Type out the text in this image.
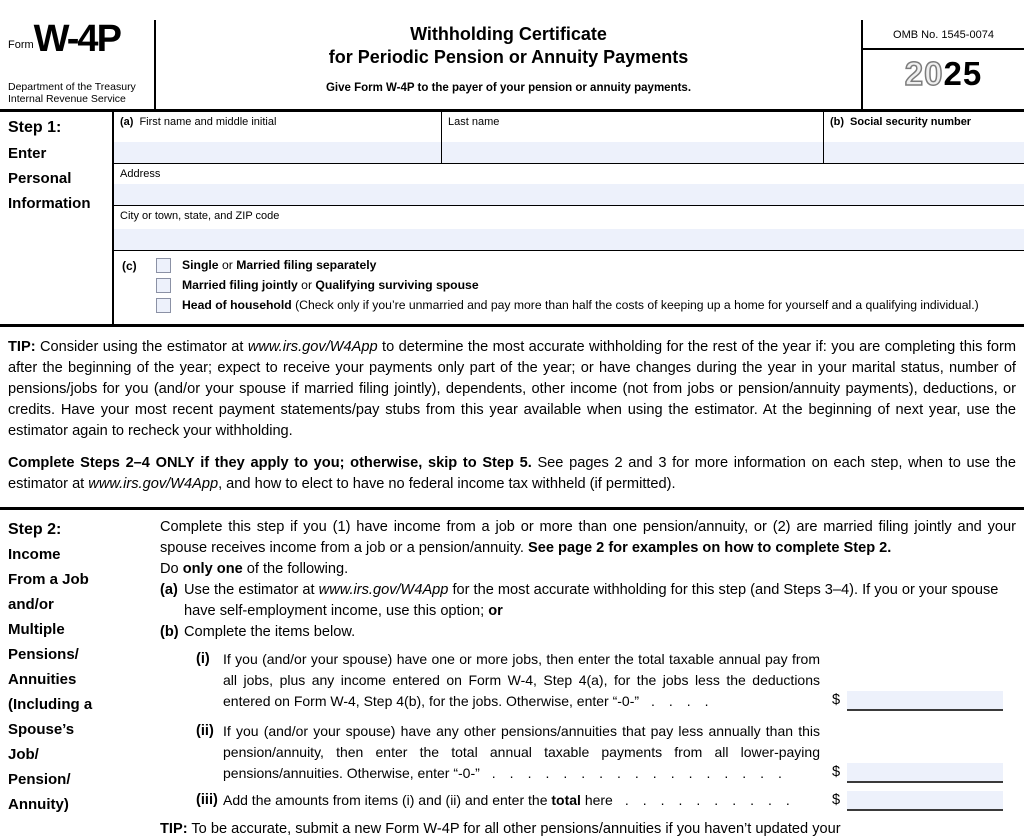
Form W-4P
Department of the Treasury
Internal Revenue Service
Withholding Certificate
for Periodic Pension or Annuity Payments
Give Form W-4P to the payer of your pension or annuity payments.
OMB No. 1545-0074
2025
Step 1:
Enter
Personal
Information
(a) First name and middle initial	Last name	(b) Social security number
Address
City or town, state, and ZIP code
(c)	Single or Married filing separately
Married filing jointly or Qualifying surviving spouse
Head of household (Check only if you’re unmarried and pay more than half the costs of keeping up a home for yourself and a qualifying individual.)
TIP: Consider using the estimator at www.irs.gov/W4App to determine the most accurate withholding for the rest of the year if: you are completing this form after the beginning of the year; expect to receive your payments only part of the year; or have changes during the year in your marital status, number of pensions/jobs for you (and/or your spouse if married filing jointly), dependents, other income (not from jobs or pension/annuity payments), deductions, or credits. Have your most recent payment statements/pay stubs from this year available when using the estimator. At the beginning of next year, use the estimator again to recheck your withholding.
Complete Steps 2–4 ONLY if they apply to you; otherwise, skip to Step 5. See pages 2 and 3 for more information on each step, when to use the estimator at www.irs.gov/W4App, and how to elect to have no federal income tax withheld (if permitted).
Step 2:
Income
From a Job
and/or
Multiple
Pensions/
Annuities
(Including a
Spouse’s
Job/
Pension/
Annuity)
Complete this step if you (1) have income from a job or more than one pension/annuity, or (2) are married filing jointly and your spouse receives income from a job or a pension/annuity. See page 2 for examples on how to complete Step 2.
Do only one of the following.
(a) Use the estimator at www.irs.gov/W4App for the most accurate withholding for this step (and Steps 3–4). If you or your spouse have self-employment income, use this option; or
(b) Complete the items below.
(i) If you (and/or your spouse) have one or more jobs, then enter the total taxable annual pay from all jobs, plus any income entered on Form W-4, Step 4(a), for the jobs less the deductions entered on Form W-4, Step 4(b), for the jobs. Otherwise, enter “-0-” ....	$
(ii) If you (and/or your spouse) have any other pensions/annuities that pay less annually than this pension/annuity, then enter the total annual taxable payments from all lower-paying pensions/annuities. Otherwise, enter “-0-” .................	$
(iii) Add the amounts from items (i) and (ii) and enter the total here ..........	$
TIP: To be accurate, submit a new Form W-4P for all other pensions/annuities if you haven’t updated your
